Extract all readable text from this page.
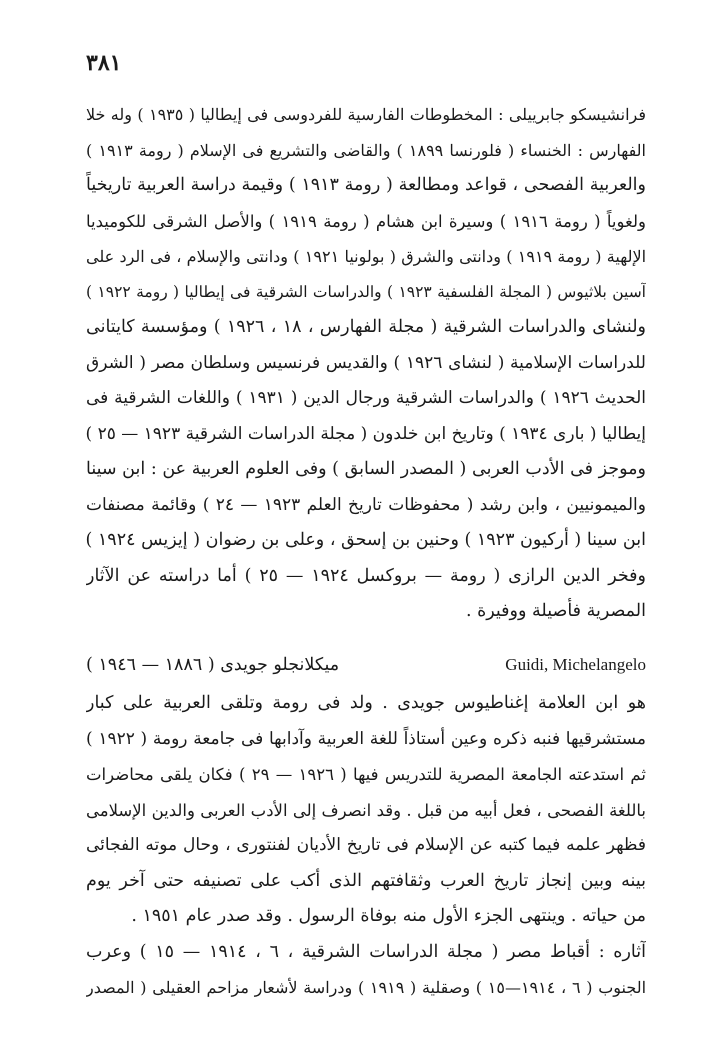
٣٨١
فرانشيسكو جابرييلى : المخطوطات الفارسية للفردوسى فى إيطاليا ( ١٩٣٥ ) وله خلا
الفهارس : الخنساء ( فلورنسا ١٨٩٩ ) والقاضى والتشريع فى الإسلام ( رومة ١٩١٣ )
والعربية الفصحى ، قواعد ومطالعة ( رومة ١٩١٣ ) وقيمة دراسة العربية تاريخياً
ولغوياً ( رومة ١٩١٦ ) وسيرة ابن هشام ( رومة ١٩١٩ ) والأصل الشرقى للكوميديا
الإلهية ( رومة ١٩١٩ ) ودانتى والشرق ( بولونيا ١٩٢١ ) ودانتى والإسلام ، فى الرد على
آسين بلاثيوس ( المجلة الفلسفية ١٩٢٣ ) والدراسات الشرقية فى إيطاليا ( رومة ١٩٢٢ )
ولنشاى والدراسات الشرقية ( مجلة الفهارس ، ١٨ ، ١٩٢٦ ) ومؤسسة كايتانى
للدراسات الإسلامية ( لنشاى ١٩٢٦ ) والقديس فرنسيس وسلطان مصر ( الشرق
الحديث ١٩٢٦ ) والدراسات الشرقية ورجال الدين ( ١٩٣١ ) واللغات الشرقية فى
إيطاليا ( بارى ١٩٣٤ ) وتاريخ ابن خلدون ( مجلة الدراسات الشرقية ١٩٢٣ — ٢٥ )
وموجز فى الأدب العربى ( المصدر السابق ) وفى العلوم العربية عن : ابن سينا
والميمونيين ، وابن رشد ( محفوظات تاريخ العلم ١٩٢٣ — ٢٤ ) وقائمة مصنفات
ابن سينا ( أركيون ١٩٢٣ ) وحنين بن إسحق ، وعلى بن رضوان ( إيزيس ١٩٢٤ )
وفخر الدين الرازى ( رومة — بروكسل ١٩٢٤ — ٢٥ ) أما دراسته عن الآثار
المصرية فأصيلة ووفيرة .
ميكلانجلو جويدى ( ١٨٨٦ — ١٩٤٦ )	Guidi, Michelangelo
هو ابن العلامة إغناطيوس جويدى . ولد فى رومة وتلقى العربية على كبار
مستشرقيها فنبه ذكره وعين أستاذاً للغة العربية وآدابها فى جامعة رومة ( ١٩٢٢ )
ثم استدعته الجامعة المصرية للتدريس فيها ( ١٩٢٦ — ٢٩ ) فكان يلقى محاضرات
باللغة الفصحى ، فعل أبيه من قبل . وقد انصرف إلى الأدب العربى والدين الإسلامى
فظهر علمه فيما كتبه عن الإسلام فى تاريخ الأديان لفنتورى ، وحال موته الفجائى
بينه وبين إنجاز تاريخ العرب وثقافتهم الذى أكب على تصنيفه حتى آخر يوم
من حياته . وينتهى الجزء الأول منه بوفاة الرسول . وقد صدر عام ١٩٥١ .
آثاره : أقباط مصر ( مجلة الدراسات الشرقية ، ٦ ، ١٩١٤ — ١٥ ) وعرب
الجنوب ( ٦ ، ١٩١٤—١٥ ) وصقلية ( ١٩١٩ ) ودراسة لأشعار مزاحم العقيلى ( المصدر
